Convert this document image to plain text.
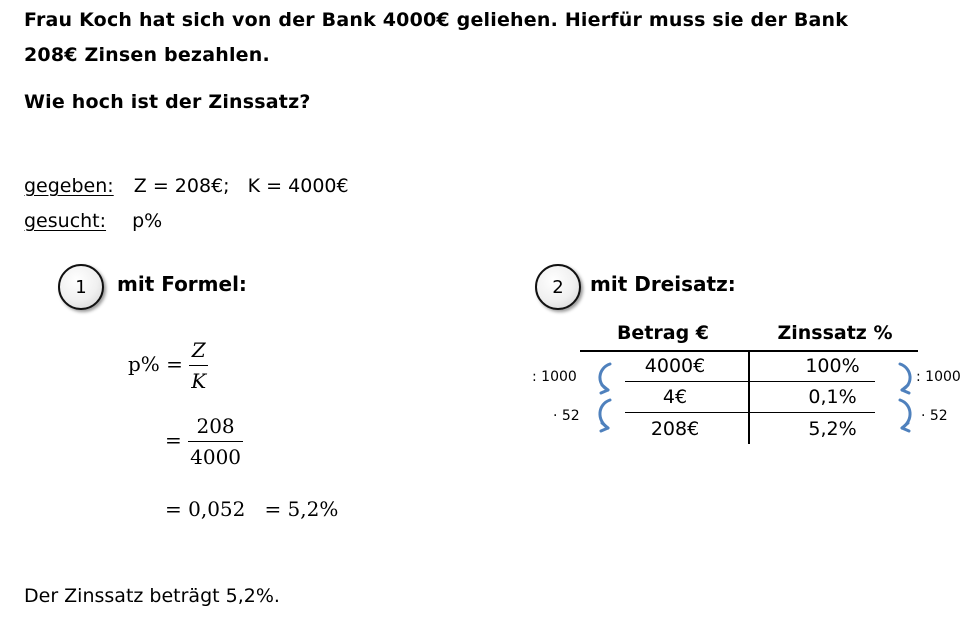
Frau Koch hat sich von der Bank 4000€ geliehen. Hierfür muss sie der Bank
208€ Zinsen bezahlen.
Wie hoch ist der Zinssatz?
gegeben: Z = 208€;   K = 4000€
gesucht: p%
1 mit Formel:
$p\% = \frac{Z}{K}$
= $\frac{208}{4000}$
= 0,052   = 5,2%
2 mit Dreisatz:
Betrag €	Zinssatz %
4000€	100%
4€	0,1%
208€	5,2%
: 1000
· 52
: 1000
· 52
Der Zinssatz beträgt 5,2%.
